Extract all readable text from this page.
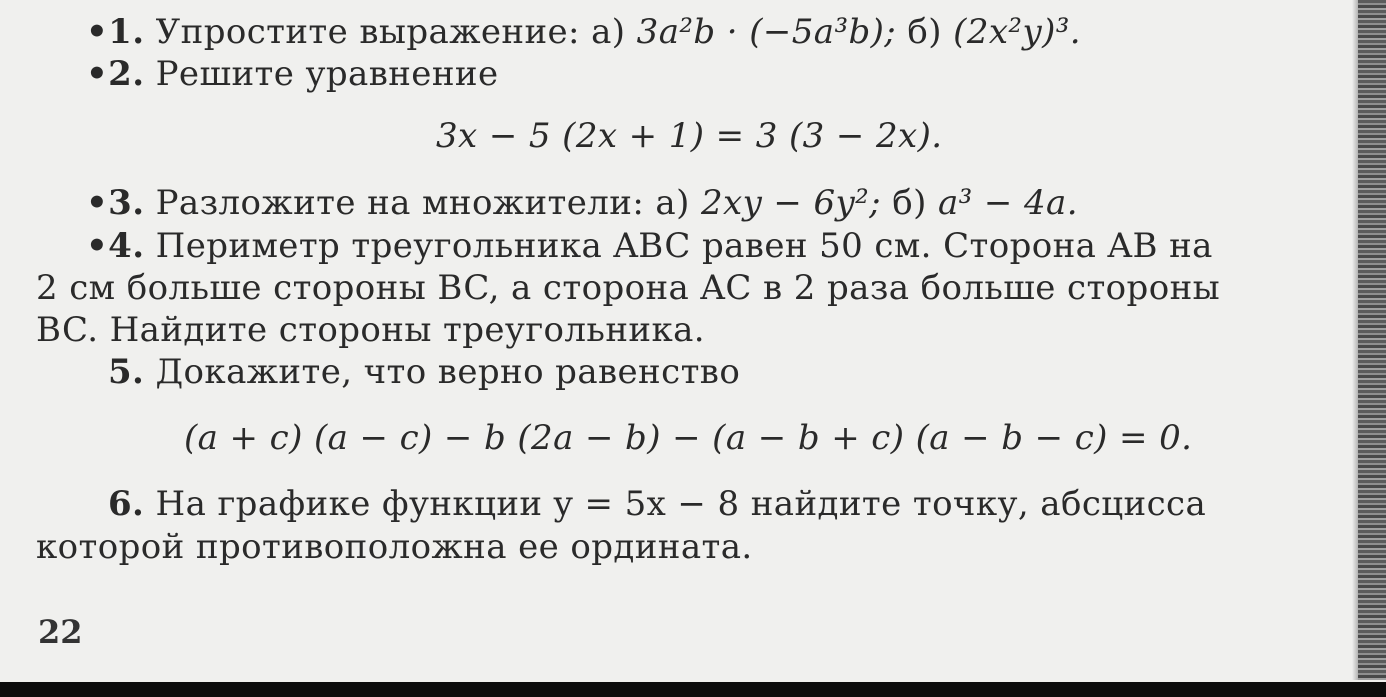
•1. Упростите выражение: а) 3a²b · (−5a³b); б) (2x²y)³.
•2. Решите уравнение
3x − 5 (2x + 1) = 3 (3 − 2x).
•3. Разложите на множители: а) 2xy − 6y²; б) a³ − 4a.
•4. Периметр треугольника ABC равен 50 см. Сторона AB на
2 см больше стороны BC, а сторона AC в 2 раза больше стороны
BC. Найдите стороны треугольника.
5. Докажите, что верно равенство
(a + c) (a − c) − b (2a − b) − (a − b + c) (a − b − c) = 0.
6. На графике функции y = 5x − 8 найдите точку, абсцисса
которой противоположна ее ордината.
22
